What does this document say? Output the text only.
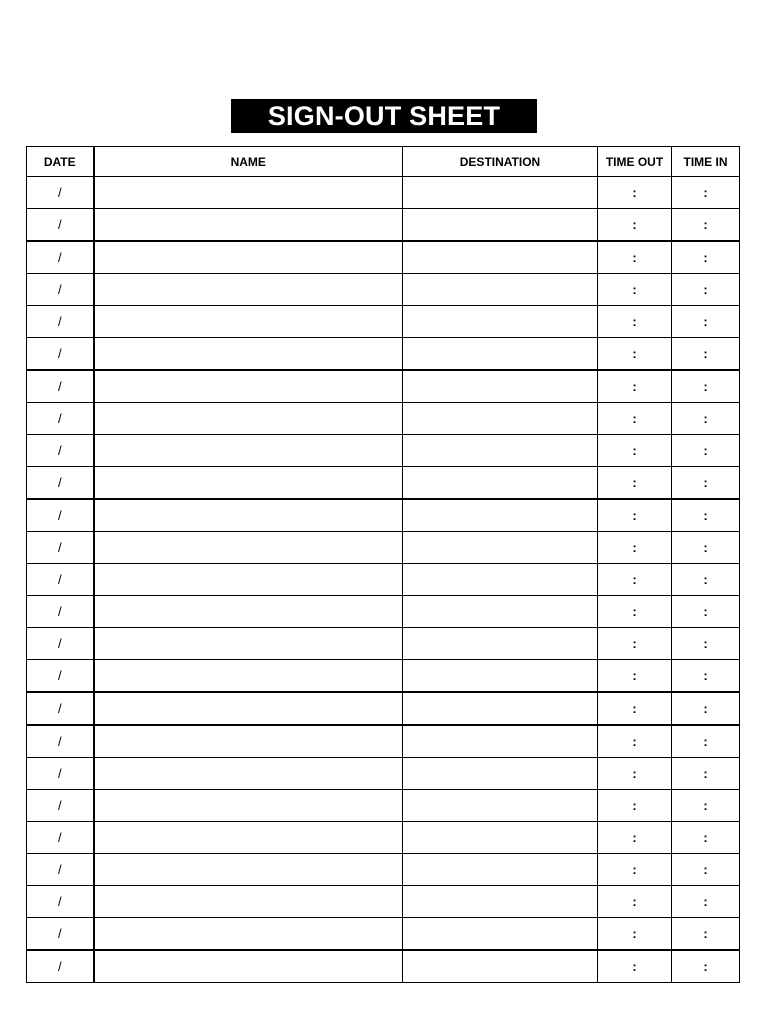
SIGN-OUT SHEET
DATE	NAME	DESTINATION	TIME OUT	TIME IN
/			:	:
/			:	:
/			:	:
/			:	:
/			:	:
/			:	:
/			:	:
/			:	:
/			:	:
/			:	:
/			:	:
/			:	:
/			:	:
/			:	:
/			:	:
/			:	:
/			:	:
/			:	:
/			:	:
/			:	:
/			:	:
/			:	:
/			:	:
/			:	:
/			:	:
